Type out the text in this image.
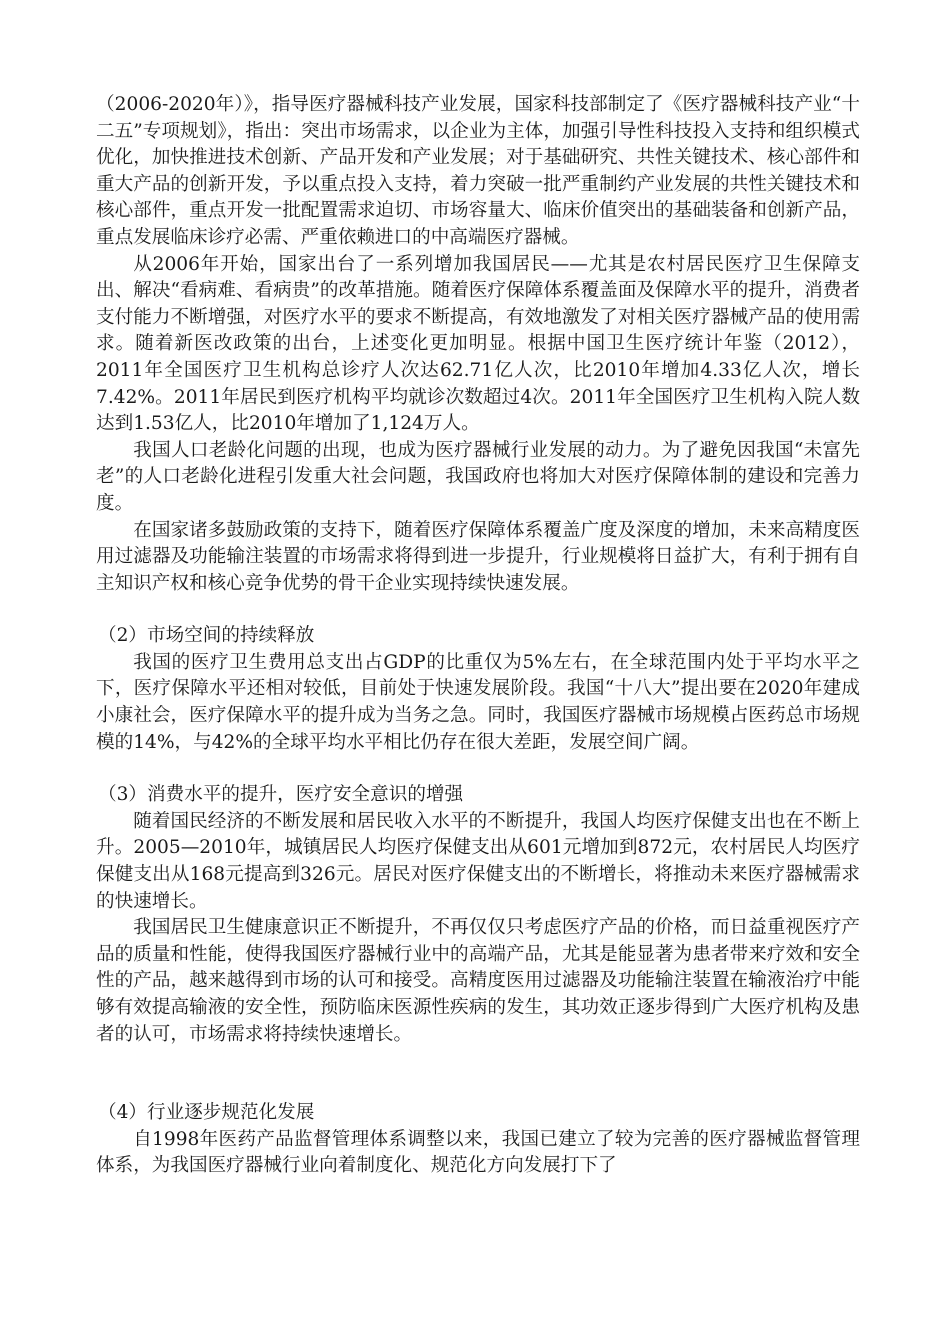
（2006-2020年）》，指导医疗器械科技产业发展，国家科技部制定了《医疗器械科技产业“十二五”专项规划》，指出：突出市场需求，以企业为主体，加强引导性科技投入支持和组织模式优化，加快推进技术创新、产品开发和产业发展；对于基础研究、共性关键技术、核心部件和重大产品的创新开发，予以重点投入支持，着力突破一批严重制约产业发展的共性关键技术和核心部件，重点开发一批配置需求迫切、市场容量大、临床价值突出的基础装备和创新产品，重点发展临床诊疗必需、严重依赖进口的中高端医疗器械。

从2006年开始，国家出台了一系列增加我国居民——尤其是农村居民医疗卫生保障支出、解决“看病难、看病贵”的改革措施。随着医疗保障体系覆盖面及保障水平的提升，消费者支付能力不断增强，对医疗水平的要求不断提高，有效地激发了对相关医疗器械产品的使用需求。随着新医改政策的出台，上述变化更加明显。根据中国卫生医疗统计年鉴（2012），2011年全国医疗卫生机构总诊疗人次达62.71亿人次，比2010年增加4.33亿人次，增长7.42%。2011年居民到医疗机构平均就诊次数超过4次。2011年全国医疗卫生机构入院人数达到1.53亿人，比2010年增加了1,124万人。

我国人口老龄化问题的出现，也成为医疗器械行业发展的动力。为了避免因我国“未富先老”的人口老龄化进程引发重大社会问题，我国政府也将加大对医疗保障体制的建设和完善力度。

在国家诸多鼓励政策的支持下，随着医疗保障体系覆盖广度及深度的增加，未来高精度医用过滤器及功能输注装置的市场需求将得到进一步提升，行业规模将日益扩大，有利于拥有自主知识产权和核心竞争优势的骨干企业实现持续快速发展。

（2）市场空间的持续释放

我国的医疗卫生费用总支出占GDP的比重仅为5%左右，在全球范围内处于平均水平之下，医疗保障水平还相对较低，目前处于快速发展阶段。我国“十八大”提出要在2020年建成小康社会，医疗保障水平的提升成为当务之急。同时，我国医疗器械市场规模占医药总市场规模的14%，与42%的全球平均水平相比仍存在很大差距，发展空间广阔。

（3）消费水平的提升，医疗安全意识的增强

随着国民经济的不断发展和居民收入水平的不断提升，我国人均医疗保健支出也在不断上升。2005—2010年，城镇居民人均医疗保健支出从601元增加到872元，农村居民人均医疗保健支出从168元提高到326元。居民对医疗保健支出的不断增长，将推动未来医疗器械需求的快速增长。

我国居民卫生健康意识正不断提升，不再仅仅只考虑医疗产品的价格，而日益重视医疗产品的质量和性能，使得我国医疗器械行业中的高端产品，尤其是能显著为患者带来疗效和安全性的产品，越来越得到市场的认可和接受。高精度医用过滤器及功能输注装置在输液治疗中能够有效提高输液的安全性，预防临床医源性疾病的发生，其功效正逐步得到广大医疗机构及患者的认可，市场需求将持续快速增长。

（4）行业逐步规范化发展

自1998年医药产品监督管理体系调整以来，我国已建立了较为完善的医疗器械监督管理体系，为我国医疗器械行业向着制度化、规范化方向发展打下了
